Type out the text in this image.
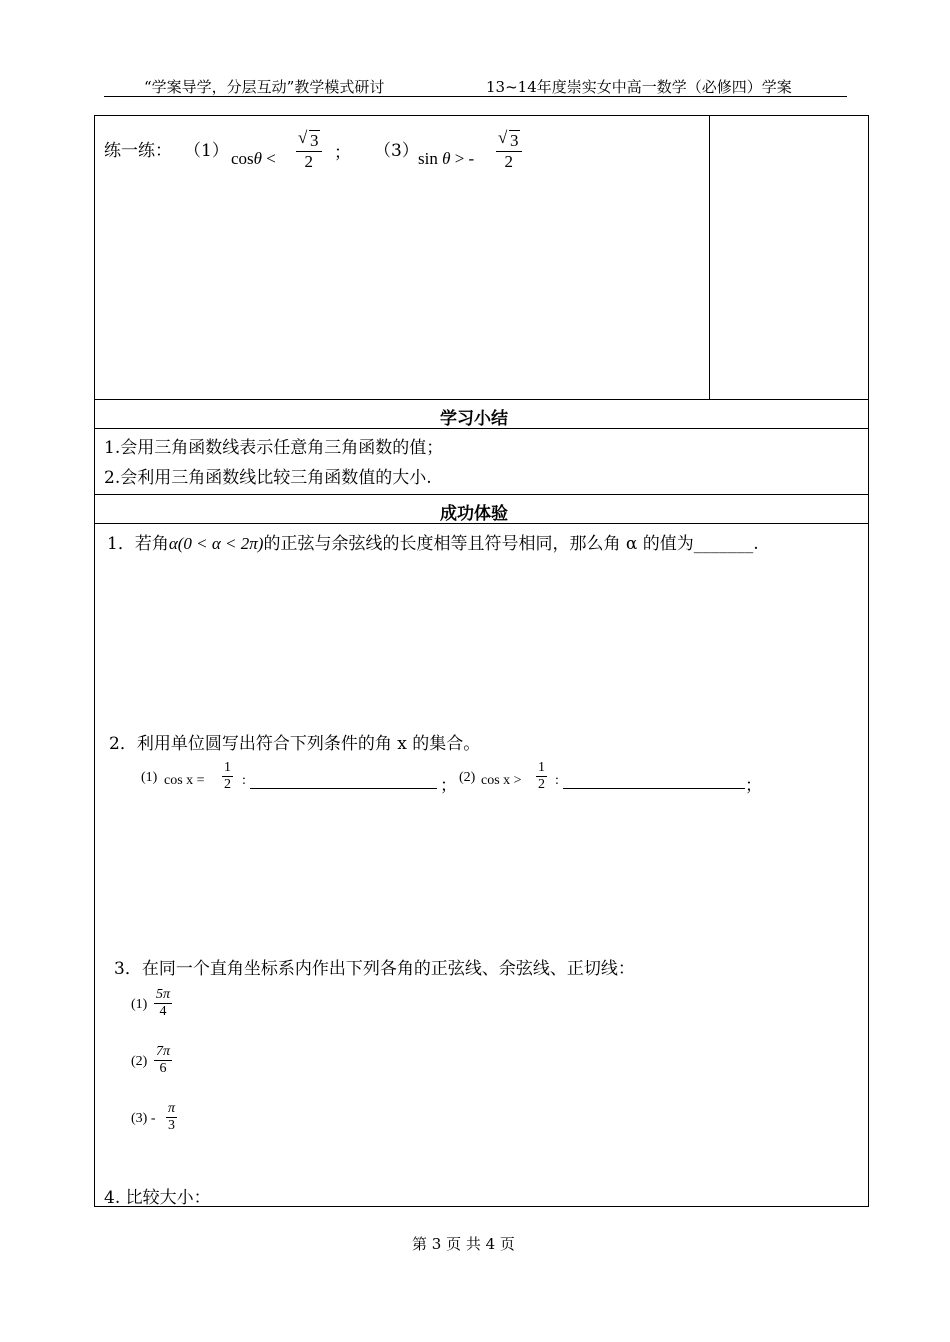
“学案导学，分层互动”教学模式研讨	13~14年度崇实女中高一数学（必修四）学案
练一练： （1） cosθ < √ $\frac{3}{2}$ ； （3） sin θ > - √ $\frac{3}{2}$
学习小结
1.会用三角函数线表示任意角三角函数的值；
2.会利用三角函数线比较三角函数值的大小.
成功体验
1．若角α(0 < α < 2π)的正弦与余弦线的长度相等且符号相同，那么角 α 的值为_______.
2．利用单位圆写出符合下列条件的角 x 的集合。
(1) $\cos x = \frac{1}{2}$ :	； (2) $\cos x > \frac{1}{2}$ :	；
3．在同一个直角坐标系内作出下列各角的正弦线、余弦线、正切线：
$(1) \frac{5\pi}{4}$
$(2) \frac{7\pi}{6}$
$(3) - \frac{\pi}{3}$
4. 比较大小：
第 3 页 共 4 页
